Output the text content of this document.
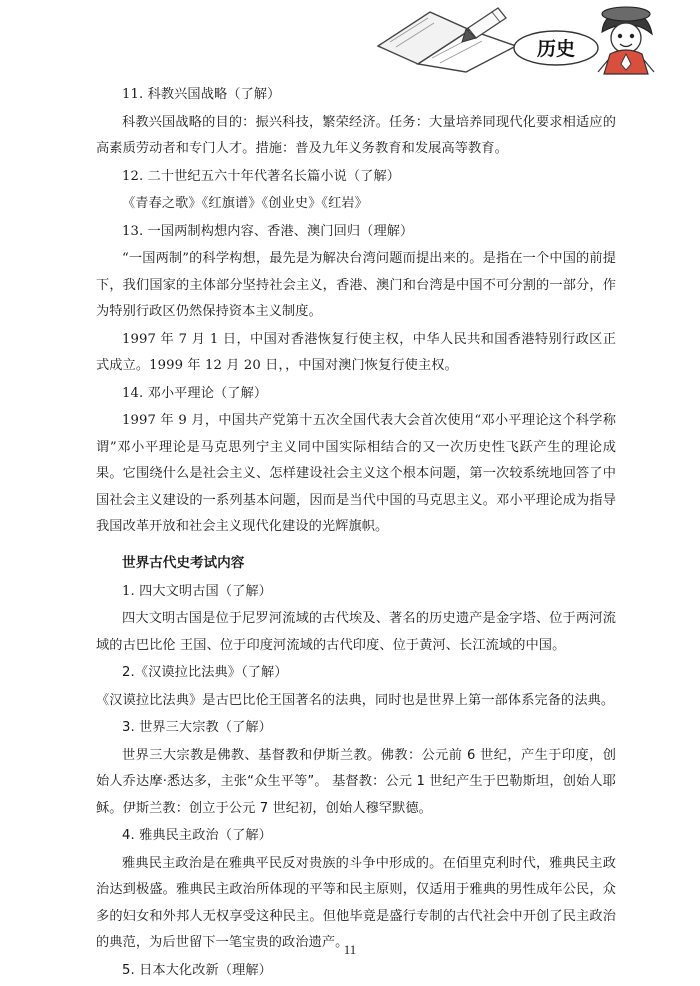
历史

11. 科教兴国战略（了解）

科教兴国战略的目的：振兴科技，繁荣经济。任务：大量培养同现代化要求相适应的高素质劳动者和专门人才。措施：普及九年义务教育和发展高等教育。

12. 二十世纪五六十年代著名长篇小说（了解）

《青春之歌》《红旗谱》《创业史》《红岩》

13. 一国两制构想内容、香港、澳门回归（理解）

“一国两制”的科学构想，最先是为解决台湾问题而提出来的。是指在一个中国的前提下，我们国家的主体部分坚持社会主义，香港、澳门和台湾是中国不可分割的一部分，作为特别行政区仍然保持资本主义制度。

1997 年 7 月 1 日，中国对香港恢复行使主权，中华人民共和国香港特别行政区正式成立。1999 年 12 月 20 日，，中国对澳门恢复行使主权。

14. 邓小平理论（了解）

1997 年 9 月，中国共产党第十五次全国代表大会首次使用“邓小平理论这个科学称谓”邓小平理论是马克思列宁主义同中国实际相结合的又一次历史性飞跃产生的理论成果。它围绕什么是社会主义、怎样建设社会主义这个根本问题，第一次较系统地回答了中国社会主义建设的一系列基本问题，因而是当代中国的马克思主义。邓小平理论成为指导我国改革开放和社会主义现代化建设的光辉旗帜。

世界古代史考试内容

1. 四大文明古国（了解）

四大文明古国是位于尼罗河流域的古代埃及、著名的历史遗产是金字塔、位于两河流域的古巴比伦 王国、位于印度河流域的古代印度、位于黄河、长江流域的中国。

2.《汉谟拉比法典》（了解）

《汉谟拉比法典》是古巴比伦王国著名的法典，同时也是世界上第一部体系完备的法典。

3. 世界三大宗教（了解）

世界三大宗教是佛教、基督教和伊斯兰教。佛教：公元前 6 世纪，产生于印度，创始人乔达摩·悉达多，主张“众生平等”。 基督教：公元 1 世纪产生于巴勒斯坦，创始人耶稣。伊斯兰教：创立于公元 7 世纪初，创始人穆罕默德。

4. 雅典民主政治（了解）

雅典民主政治是在雅典平民反对贵族的斗争中形成的。在佰里克利时代，雅典民主政治达到极盛。雅典民主政治所体现的平等和民主原则，仅适用于雅典的男性成年公民，众多的妇女和外邦人无权享受这种民主。但他毕竟是盛行专制的古代社会中开创了民主政治的典范，为后世留下一笔宝贵的政治遗产。

5. 日本大化改新（理解）

11
